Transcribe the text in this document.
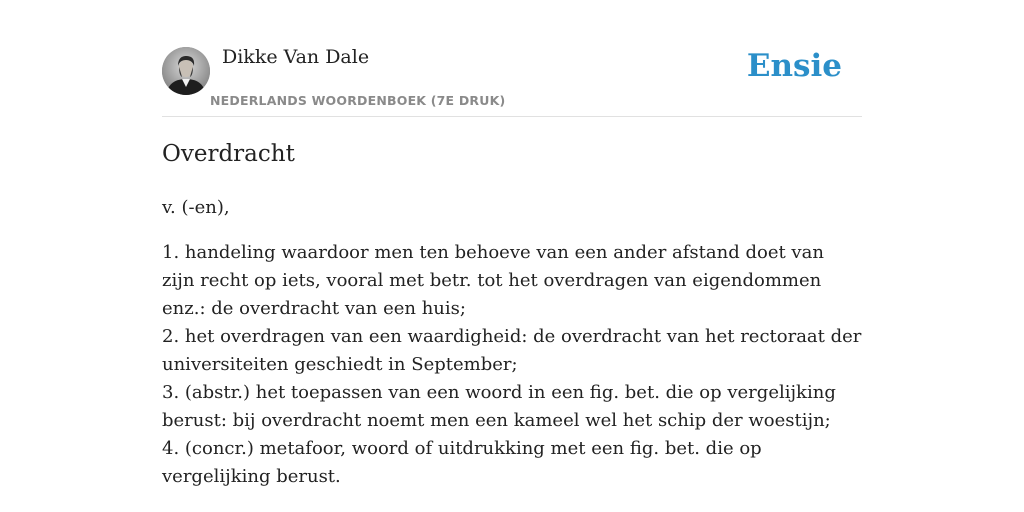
Dikke Van Dale
NEDERLANDS WOORDENBOEK (7E DRUK)
Ensie
Overdracht

v. (-en),

1. handeling waardoor men ten behoeve van een ander afstand doet van zijn recht op iets, vooral met betr. tot het overdragen van eigendommen enz.: de overdracht van een huis;
2. het overdragen van een waardigheid: de overdracht van het rectoraat der universiteiten geschiedt in September;
3. (abstr.) het toepassen van een woord in een fig. bet. die op vergelijking berust: bij overdracht noemt men een kameel wel het schip der woestijn;
4. (concr.) metafoor, woord of uitdrukking met een fig. bet. die op vergelijking berust.
